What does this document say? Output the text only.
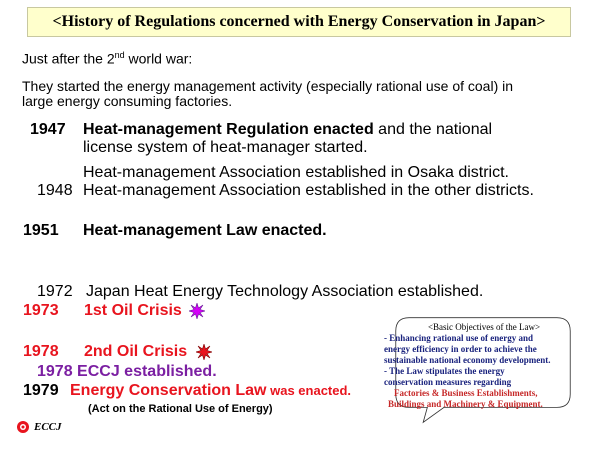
<History of Regulations concerned with Energy Conservation in Japan>
Just after the 2nd world war:
They started the energy management activity (especially rational use of coal) in
large energy consuming factories.
1947 Heat-management Regulation enacted and the national
license system of heat-manager started.
Heat-management Association established in Osaka district.
1948 Heat-management Association established in the other districts.
1951 Heat-management Law enacted.
1972 Japan Heat Energy Technology Association established.
1973 1st Oil Crisis
1978 2nd Oil Crisis
1978 ECCJ established.
1979 Energy Conservation Law was enacted.
(Act on the Rational Use of Energy)
<Basic Objectives of the Law>
- Enhancing rational use of energy and
energy efficiency in order to achieve the
sustainable national economy development.
- The Law stipulates the energy
conservation measures regarding
Factories & Business Establishments,
Buildings and Machinery & Equipment.
ECCJ
